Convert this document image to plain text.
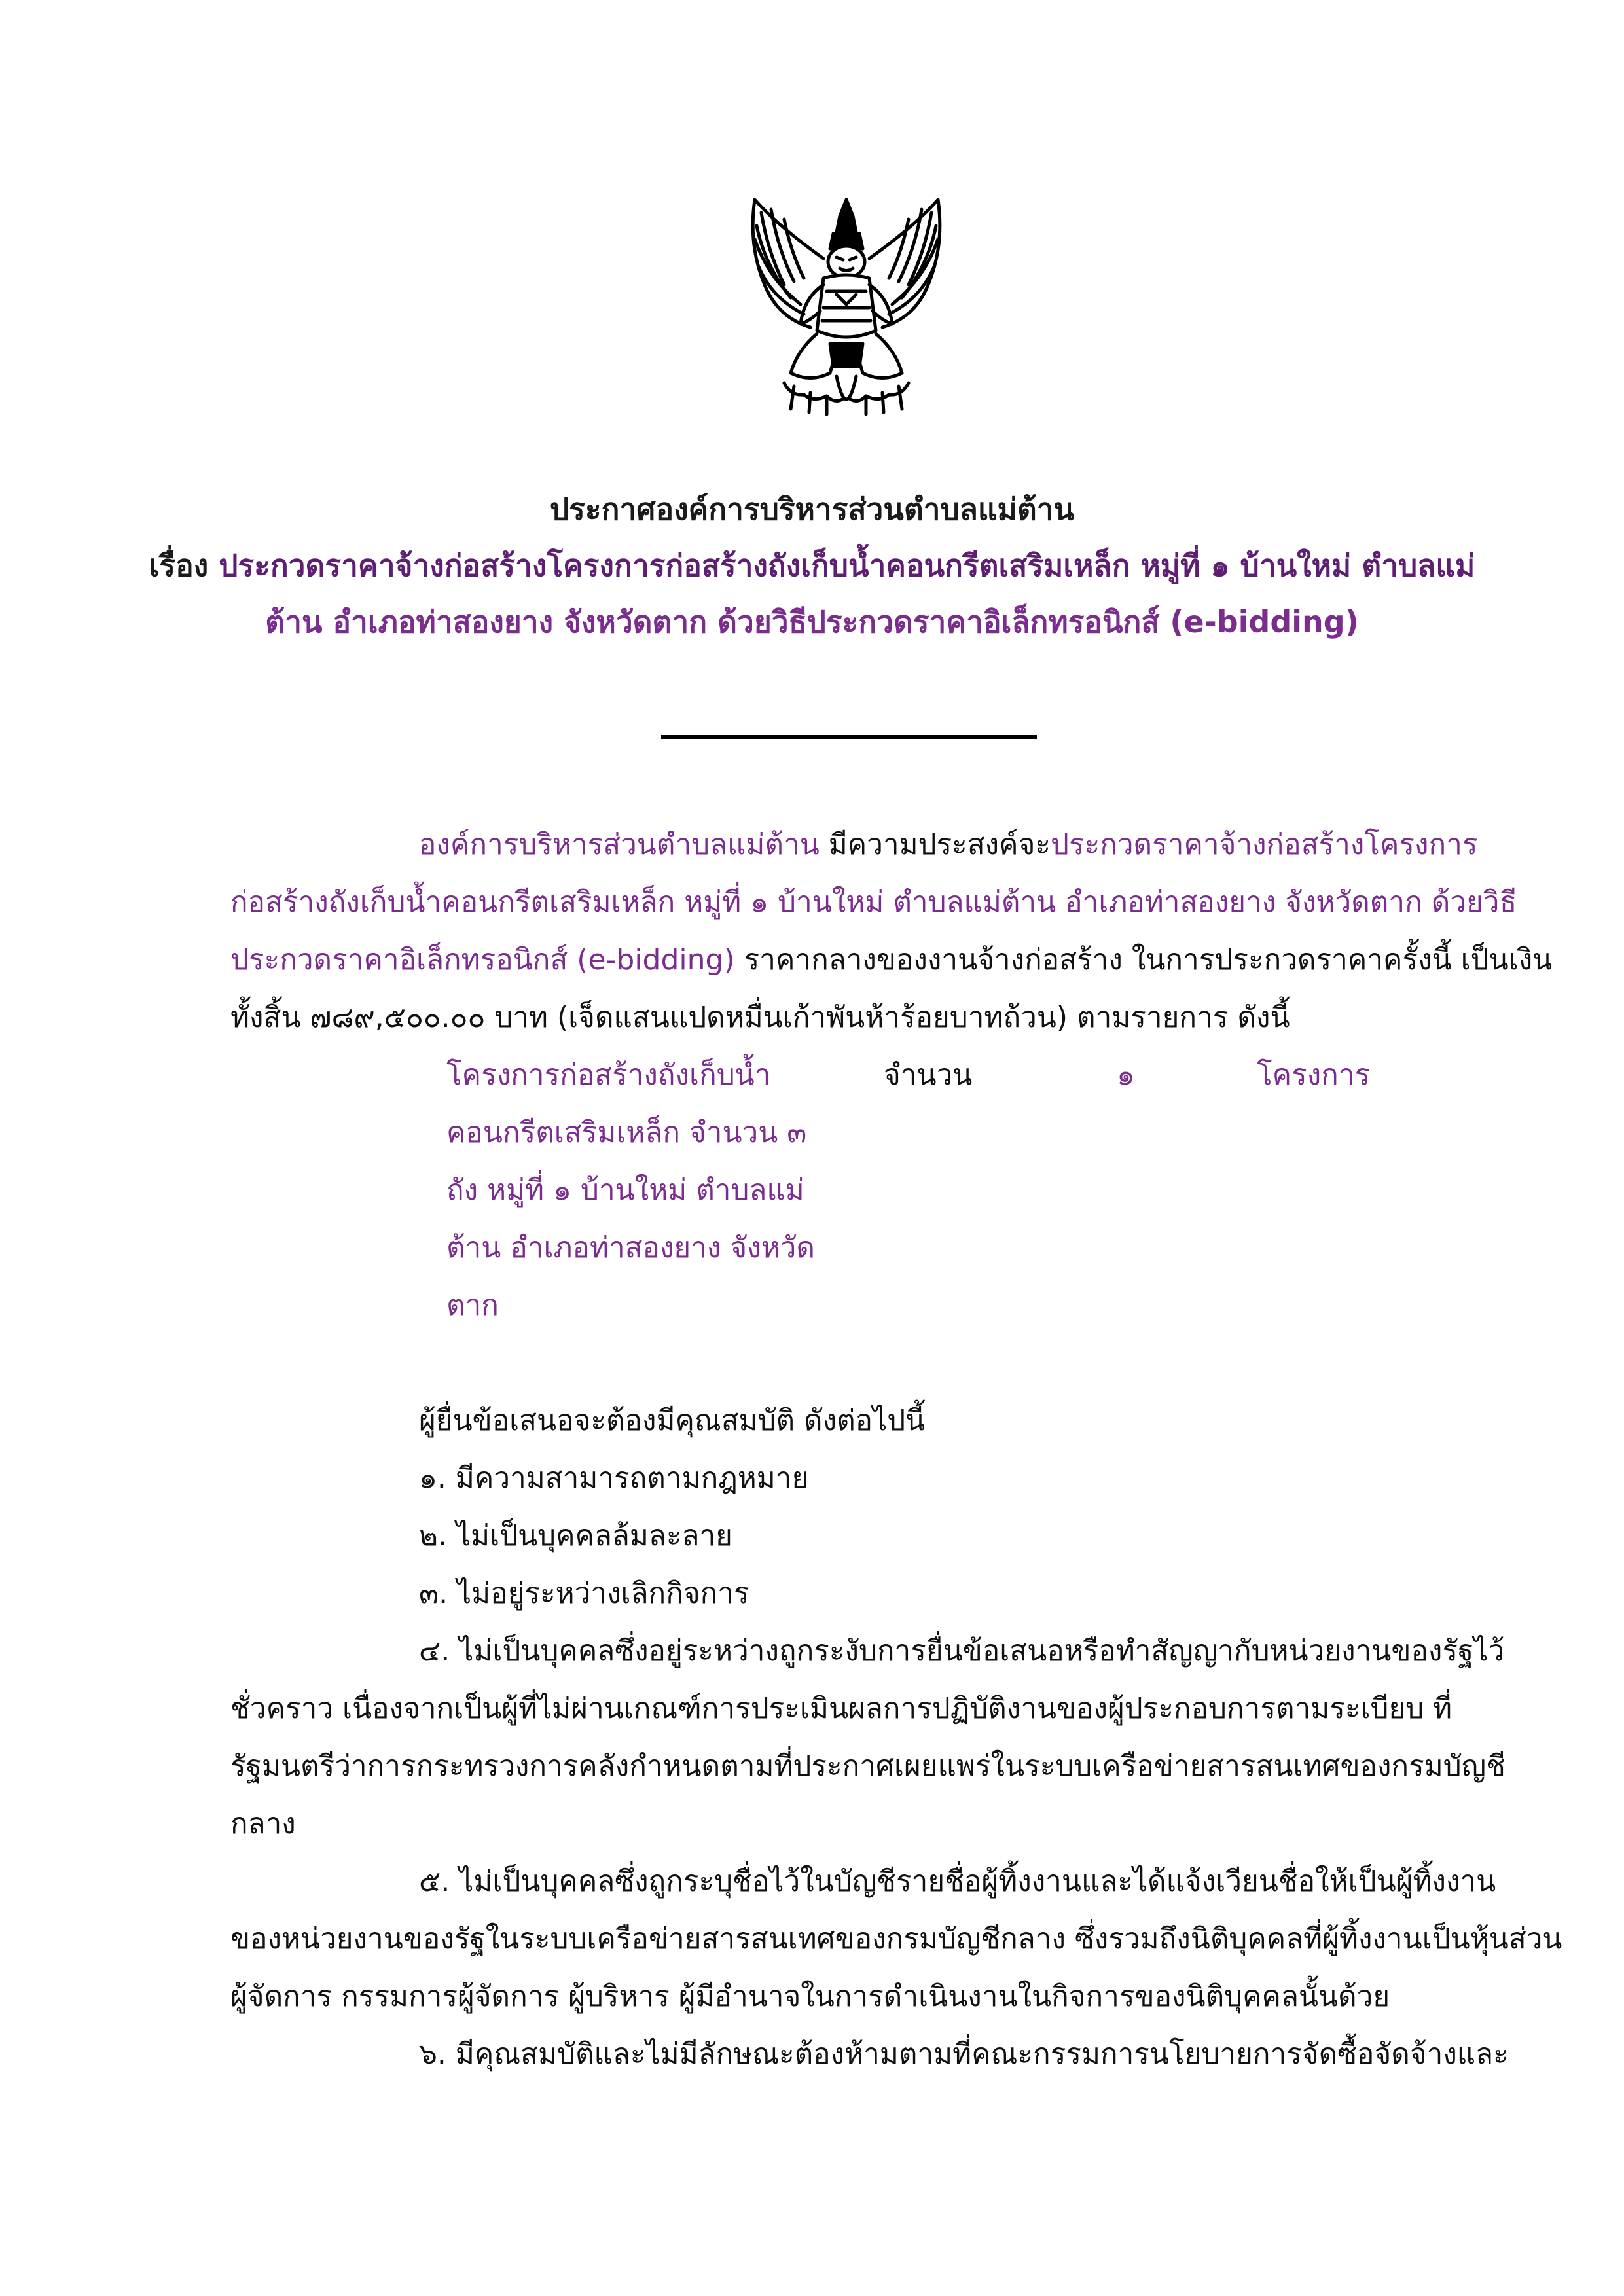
ประกาศองค์การบริหารส่วนตำบลแม่ต้าน
เรื่อง ประกวดราคาจ้างก่อสร้างโครงการก่อสร้างถังเก็บน้ำคอนกรีตเสริมเหล็ก หมู่ที่ ๑ บ้านใหม่ ตำบลแม่
ต้าน อำเภอท่าสองยาง จังหวัดตาก ด้วยวิธีประกวดราคาอิเล็กทรอนิกส์ (e-bidding)
องค์การบริหารส่วนตำบลแม่ต้าน มีความประสงค์จะประกวดราคาจ้างก่อสร้างโครงการ
ก่อสร้างถังเก็บน้ำคอนกรีตเสริมเหล็ก หมู่ที่ ๑ บ้านใหม่ ตำบลแม่ต้าน อำเภอท่าสองยาง จังหวัดตาก ด้วยวิธี
ประกวดราคาอิเล็กทรอนิกส์ (e-bidding) ราคากลางของงานจ้างก่อสร้าง ในการประกวดราคาครั้งนี้ เป็นเงิน
ทั้งสิ้น ๗๘๙,๕๐๐.๐๐ บาท (เจ็ดแสนแปดหมื่นเก้าพันห้าร้อยบาทถ้วน) ตามรายการ ดังนี้
โครงการก่อสร้างถังเก็บน้ำ
คอนกรีตเสริมเหล็ก จำนวน ๓
ถัง หมู่ที่ ๑ บ้านใหม่ ตำบลแม่
ต้าน อำเภอท่าสองยาง จังหวัด
ตาก
จำนวน	๑	โครงการ
ผู้ยื่นข้อเสนอจะต้องมีคุณสมบัติ ดังต่อไปนี้
๑. มีความสามารถตามกฎหมาย
๒. ไม่เป็นบุคคลล้มละลาย
๓. ไม่อยู่ระหว่างเลิกกิจการ
๔. ไม่เป็นบุคคลซึ่งอยู่ระหว่างถูกระงับการยื่นข้อเสนอหรือทำสัญญากับหน่วยงานของรัฐไว้
ชั่วคราว เนื่องจากเป็นผู้ที่ไม่ผ่านเกณฑ์การประเมินผลการปฏิบัติงานของผู้ประกอบการตามระเบียบ ที่
รัฐมนตรีว่าการกระทรวงการคลังกำหนดตามที่ประกาศเผยแพร่ในระบบเครือข่ายสารสนเทศของกรมบัญชี
กลาง
๕. ไม่เป็นบุคคลซึ่งถูกระบุชื่อไว้ในบัญชีรายชื่อผู้ทิ้งงานและได้แจ้งเวียนชื่อให้เป็นผู้ทิ้งงาน
ของหน่วยงานของรัฐในระบบเครือข่ายสารสนเทศของกรมบัญชีกลาง ซึ่งรวมถึงนิติบุคคลที่ผู้ทิ้งงานเป็นหุ้นส่วน
ผู้จัดการ กรรมการผู้จัดการ ผู้บริหาร ผู้มีอำนาจในการดำเนินงานในกิจการของนิติบุคคลนั้นด้วย
๖. มีคุณสมบัติและไม่มีลักษณะต้องห้ามตามที่คณะกรรมการนโยบายการจัดซื้อจัดจ้างและ
